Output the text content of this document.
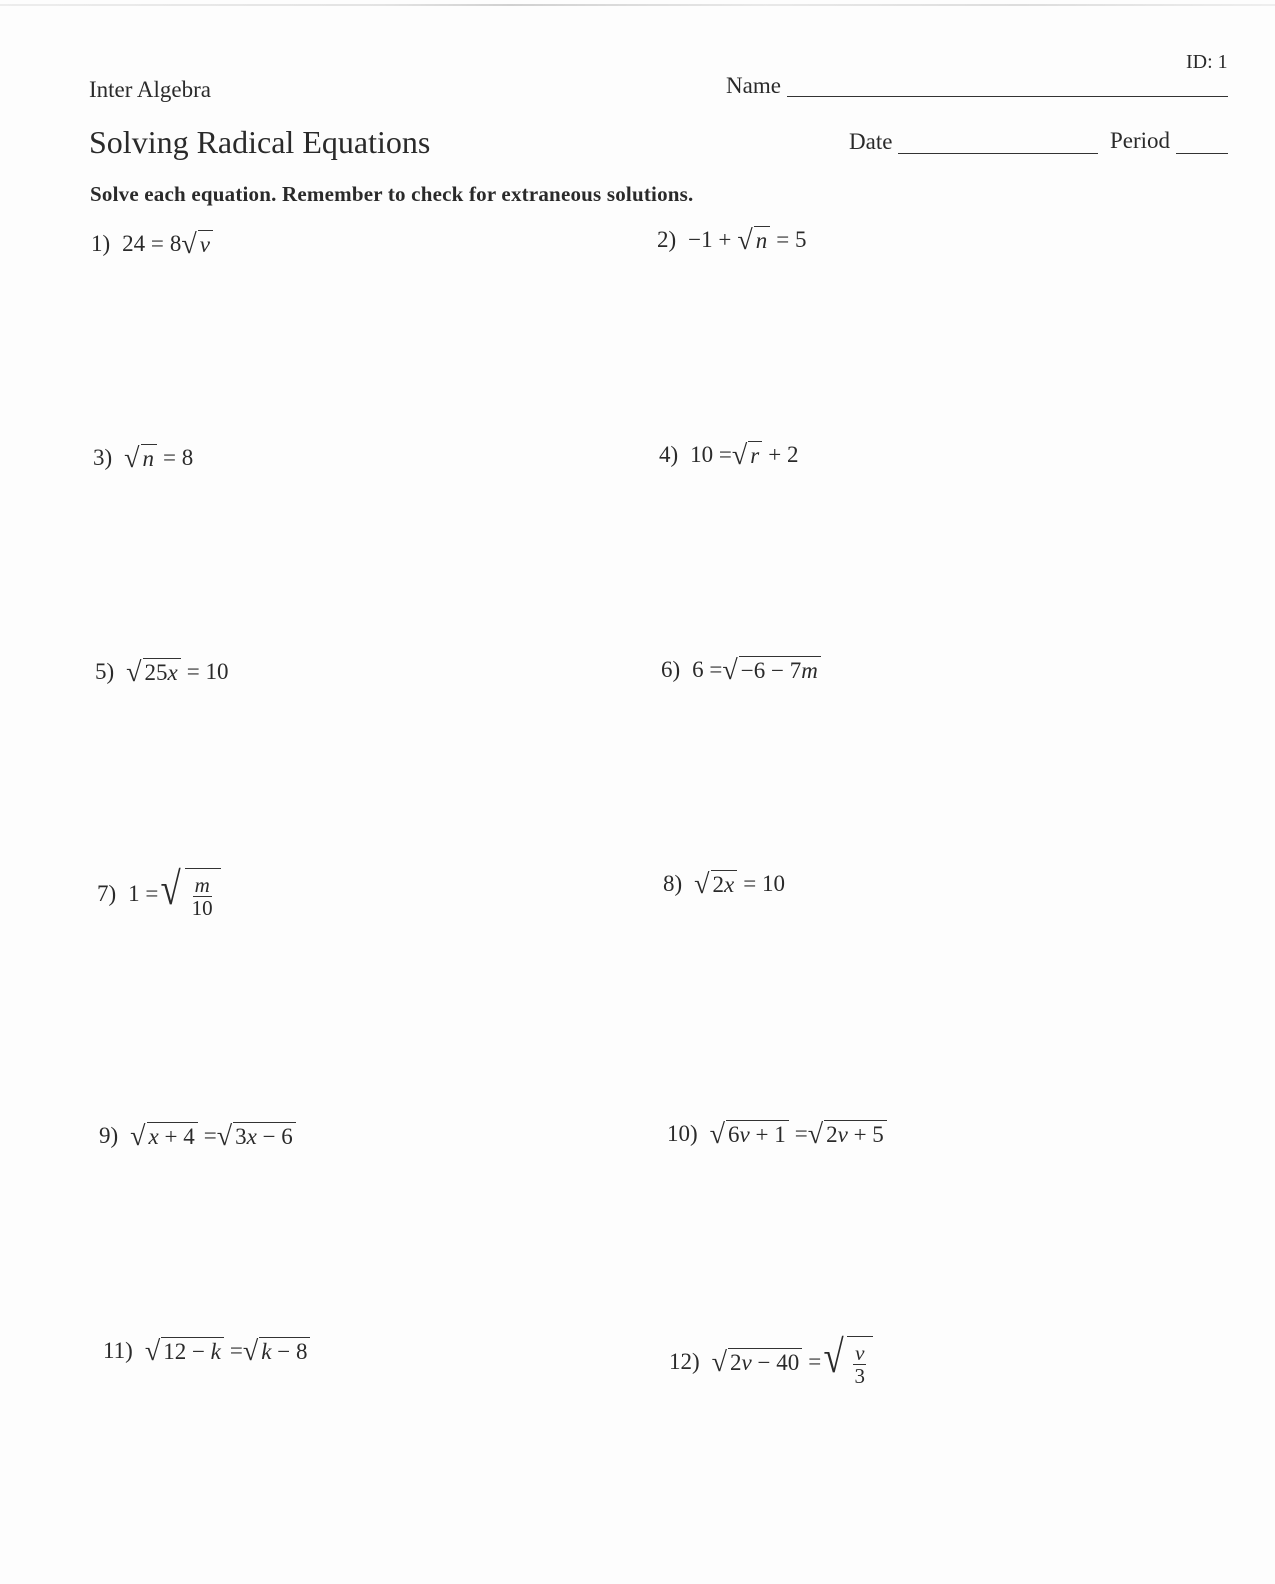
Inter Algebra
Solving Radical Equations
Solve each equation. Remember to check for extraneous solutions.
ID: 1
Name
Date	Period
1) 24 = 8 √ v	2) −1 + √ n = 5
3) √ n = 8	4) 10 = √ r + 2
5) √ 25x = 10	6) 6 = √ −6 − 7m
7) 1 = √ $\frac{m}{10}$	8) √ 2x = 10
9) √ x + 4 = √ 3x − 6	10) √ 6v + 1 = √ 2v + 5
11) √ 12 − k = √ k − 8	12) √ 2v − 40 = √ $\frac{v}{3}$
